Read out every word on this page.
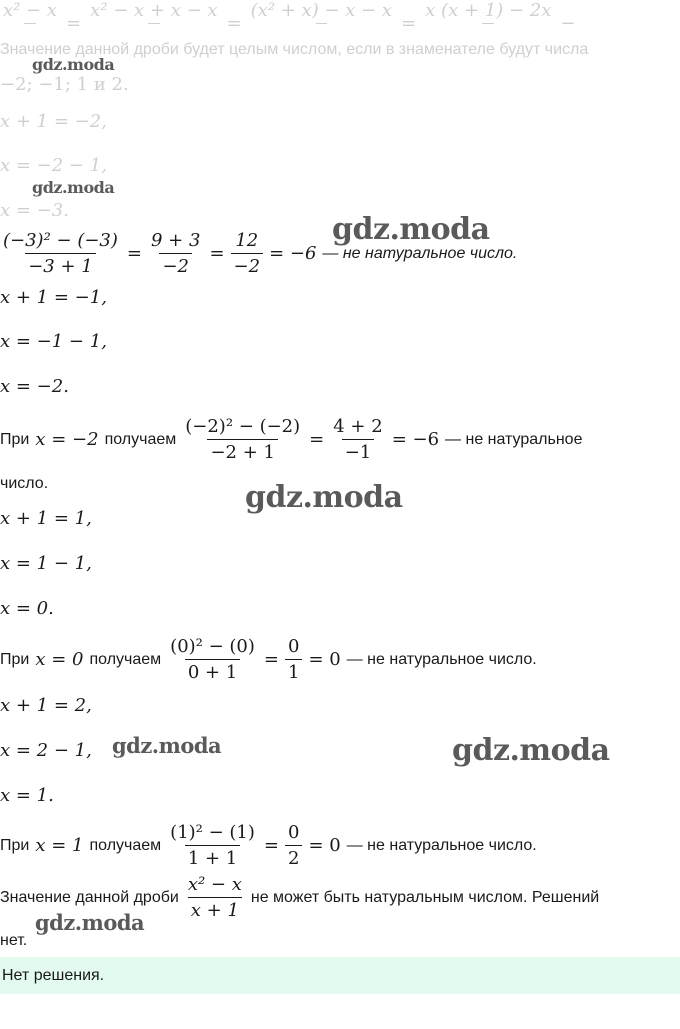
x² − x

=
x² − x + x − x

=
(x² + x) − x − x

=
x (x + 1) − 2x

−
Значение данной дроби будет целым числом, если в знаменателе будут числа
−2; −1; 1 и 2.
x + 1 = −2,
x = −2 − 1,
x = −3.
$\frac{\text{(−3)² − (−3)}}{-3 + 1} = \frac{9 + 3}{-2} = \frac{12}{-2} = -6$ — не натуральное число.
x + 1 = −1,
x = −1 − 1,
x = −2.
При x = −2 получаем $\frac{\text{(−2)² − (−2)}}{-2 + 1} = \frac{4 + 2}{-1} = -6$ — не натуральное
число.
x + 1 = 1,
x = 1 − 1,
x = 0.
При x = 0 получаем $\frac{\text{(0)² − (0)}}{0 + 1} = \frac{0}{1} = 0$ — не натуральное число.
x + 1 = 2,
x = 2 − 1,
x = 1.
При x = 1 получаем $\frac{\text{(1)² − (1)}}{1 + 1} = \frac{0}{2} = 0$ — не натуральное число.
Значение данной дроби $\frac{\text{x² − x}}{x + 1}$ не может быть натуральным числом. Решений
нет.
Нет решения.
gdz.moda
gdz.moda
gdz.moda
gdz.moda
gdz.moda	gdz.moda
gdz.moda
